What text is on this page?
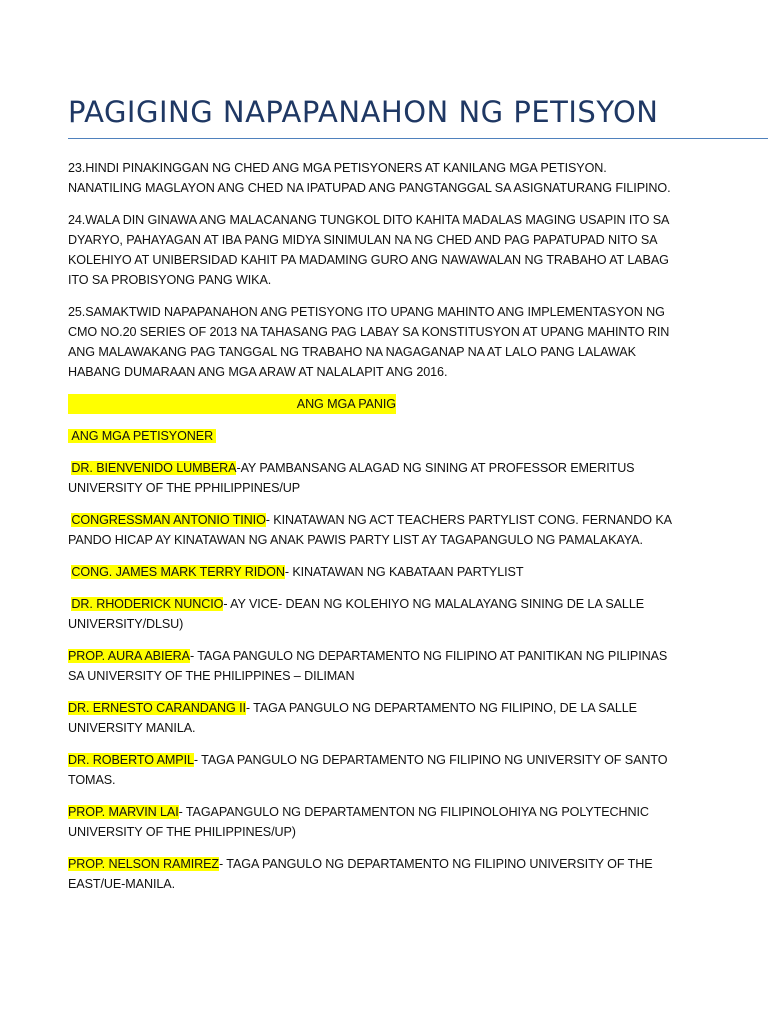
PAGIGING NAPAPANAHON NG PETISYON

23.HINDI PINAKINGGAN NG CHED ANG MGA PETISYONERS AT KANILANG MGA PETISYON. NANATILING MAGLAYON ANG CHED NA IPATUPAD ANG PANGTANGGAL SA ASIGNATURANG FILIPINO.

24.WALA DIN GINAWA ANG MALACANANG TUNGKOL DITO KAHITA MADALAS MAGING USAPIN ITO SA DYARYO, PAHAYAGAN AT IBA PANG MIDYA SINIMULAN NA NG CHED AND PAG PAPATUPAD NITO SA KOLEHIYO AT UNIBERSIDAD KAHIT PA MADAMING GURO ANG NAWAWALAN NG TRABAHO AT LABAG ITO SA PROBISYONG PANG WIKA.

25.SAMAKTWID NAPAPANAHON ANG PETISYONG ITO UPANG MAHINTO ANG IMPLEMENTASYON NG CMO NO.20 SERIES OF 2013 NA TAHASANG PAG LABAY SA KONSTITUSYON AT UPANG MAHINTO RIN ANG MALAWAKANG PAG TANGGAL NG TRABAHO NA NAGAGANAP NA AT LALO PANG LALAWAK HABANG DUMARAAN ANG MGA ARAW AT NALALAPIT ANG 2016.

ANG MGA PANIG

ANG MGA PETISYONER

DR. BIENVENIDO LUMBERA-AY PAMBANSANG ALAGAD NG SINING AT PROFESSOR EMERITUS UNIVERSITY OF THE PPHILIPPINES/UP

CONGRESSMAN ANTONIO TINIO- KINATAWAN NG ACT TEACHERS PARTYLIST CONG. FERNANDO KA PANDO HICAP AY KINATAWAN NG ANAK PAWIS PARTY LIST AY TAGAPANGULO NG PAMALAKAYA.

CONG. JAMES MARK TERRY RIDON- KINATAWAN NG KABATAAN PARTYLIST

DR. RHODERICK NUNCIO- AY VICE- DEAN NG KOLEHIYO NG MALALAYANG SINING DE LA SALLE UNIVERSITY/DLSU)

PROP. AURA ABIERA- TAGA PANGULO NG DEPARTAMENTO NG FILIPINO AT PANITIKAN NG PILIPINAS SA UNIVERSITY OF THE PHILIPPINES – DILIMAN

DR. ERNESTO CARANDANG II- TAGA PANGULO NG DEPARTAMENTO NG FILIPINO, DE LA SALLE UNIVERSITY MANILA.

DR. ROBERTO AMPIL- TAGA PANGULO NG DEPARTAMENTO NG FILIPINO NG UNIVERSITY OF SANTO TOMAS.

PROP. MARVIN LAI- TAGAPANGULO NG DEPARTAMENTON NG FILIPINOLOHIYA NG POLYTECHNIC UNIVERSITY OF THE PHILIPPINES/UP)

PROP. NELSON RAMIREZ- TAGA PANGULO NG DEPARTAMENTO NG FILIPINO UNIVERSITY OF THE EAST/UE-MANILA.
